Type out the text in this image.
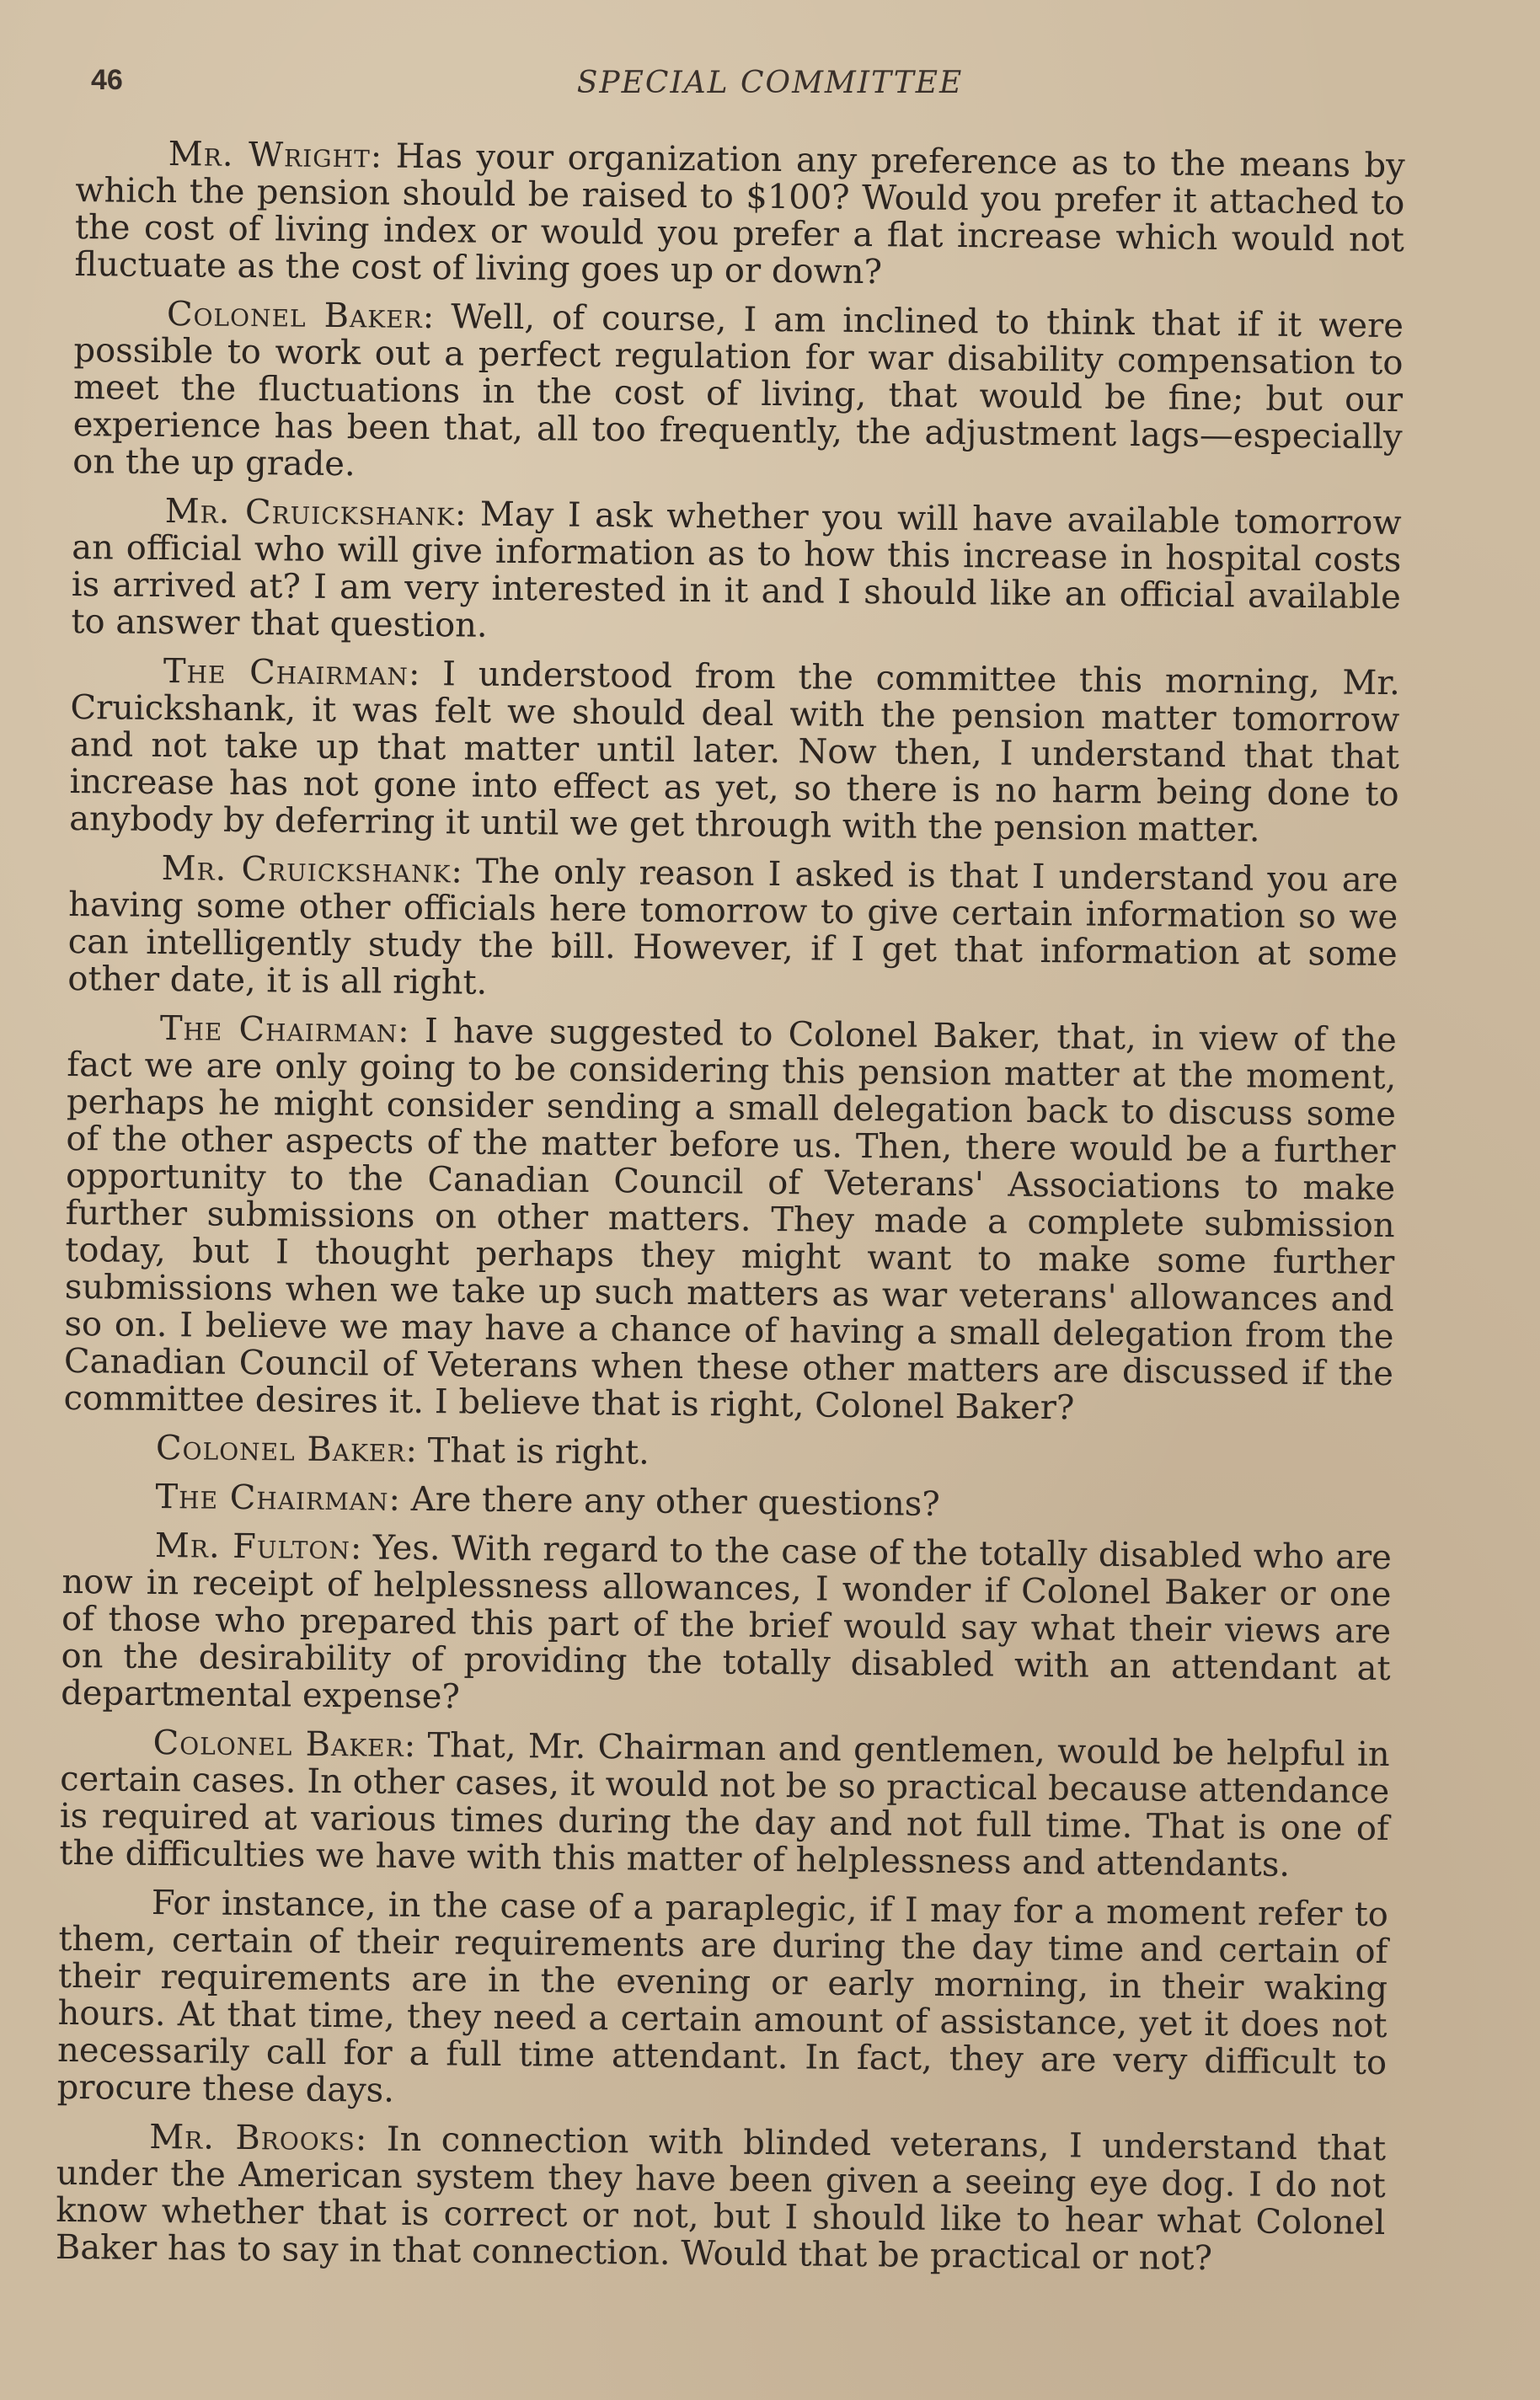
46	SPECIAL COMMITTEE

Mr. Wright: Has your organization any preference as to the means by which the pension should be raised to $100? Would you prefer it attached to the cost of living index or would you prefer a flat increase which would not fluctuate as the cost of living goes up or down?

Colonel Baker: Well, of course, I am inclined to think that if it were possible to work out a perfect regulation for war disability compensation to meet the fluctuations in the cost of living, that would be fine; but our experience has been that, all too frequently, the adjustment lags—especially on the up grade.

Mr. Cruickshank: May I ask whether you will have available tomorrow an official who will give information as to how this increase in hospital costs is arrived at? I am very interested in it and I should like an official available to answer that question.

The Chairman: I understood from the committee this morning, Mr. Cruickshank, it was felt we should deal with the pension matter tomorrow and not take up that matter until later. Now then, I understand that that increase has not gone into effect as yet, so there is no harm being done to anybody by deferring it until we get through with the pension matter.

Mr. Cruickshank: The only reason I asked is that I understand you are having some other officials here tomorrow to give certain information so we can intelligently study the bill. However, if I get that information at some other date, it is all right.

The Chairman: I have suggested to Colonel Baker, that, in view of the fact we are only going to be considering this pension matter at the moment, perhaps he might consider sending a small delegation back to discuss some of the other aspects of the matter before us. Then, there would be a further opportunity to the Canadian Council of Veterans' Associations to make further submissions on other matters. They made a complete submission today, but I thought perhaps they might want to make some further submissions when we take up such matters as war veterans' allowances and so on. I believe we may have a chance of having a small delegation from the Canadian Council of Veterans when these other matters are discussed if the committee desires it. I believe that is right, Colonel Baker?

Colonel Baker: That is right.

The Chairman: Are there any other questions?

Mr. Fulton: Yes. With regard to the case of the totally disabled who are now in receipt of helplessness allowances, I wonder if Colonel Baker or one of those who prepared this part of the brief would say what their views are on the desirability of providing the totally disabled with an attendant at departmental expense?

Colonel Baker: That, Mr. Chairman and gentlemen, would be helpful in certain cases. In other cases, it would not be so practical because attendance is required at various times during the day and not full time. That is one of the difficulties we have with this matter of helplessness and attendants.

For instance, in the case of a paraplegic, if I may for a moment refer to them, certain of their requirements are during the day time and certain of their requirements are in the evening or early morning, in their waking hours. At that time, they need a certain amount of assistance, yet it does not necessarily call for a full time attendant. In fact, they are very difficult to procure these days.

Mr. Brooks: In connection with blinded veterans, I understand that under the American system they have been given a seeing eye dog. I do not know whether that is correct or not, but I should like to hear what Colonel Baker has to say in that connection. Would that be practical or not?
